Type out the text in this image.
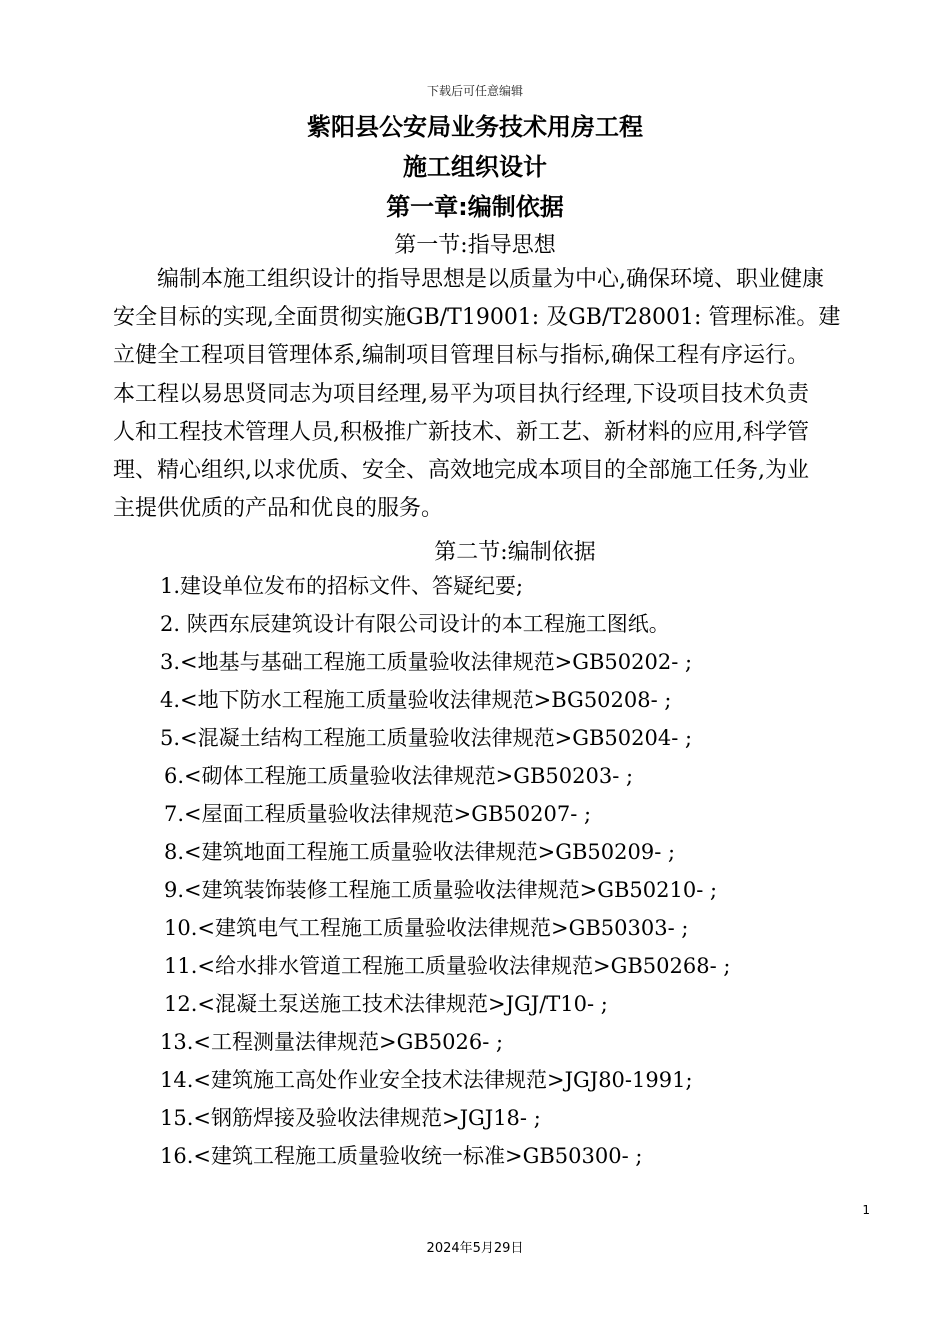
下载后可任意编辑
紫阳县公安局业务技术用房工程
施工组织设计
第一章:编制依据
第一节:指导思想
　　编制本施工组织设计的指导思想是以质量为中心,确保环境、职业健康
安全目标的实现,全面贯彻实施GB/T19001: 及GB/T28001: 管理标准。建
立健全工程项目管理体系,编制项目管理目标与指标,确保工程有序运行。
本工程以易思贤同志为项目经理,易平为项目执行经理,下设项目技术负责
人和工程技术管理人员,积极推广新技术、新工艺、新材料的应用,科学管
理、精心组织,以求优质、安全、高效地完成本项目的全部施工任务,为业
主提供优质的产品和优良的服务。
第二节:编制依据
1.建设单位发布的招标文件、答疑纪要;
2. 陕西东辰建筑设计有限公司设计的本工程施工图纸。
3.<地基与基础工程施工质量验收法律规范>GB50202- ;
4.<地下防水工程施工质量验收法律规范>BG50208- ;
5.<混凝土结构工程施工质量验收法律规范>GB50204- ;
6.<砌体工程施工质量验收法律规范>GB50203- ;
7.<屋面工程质量验收法律规范>GB50207- ;
8.<建筑地面工程施工质量验收法律规范>GB50209- ;
9.<建筑装饰装修工程施工质量验收法律规范>GB50210- ;
10.<建筑电气工程施工质量验收法律规范>GB50303- ;
11.<给水排水管道工程施工质量验收法律规范>GB50268- ;
12.<混凝土泵送施工技术法律规范>JGJ/T10- ;
13.<工程测量法律规范>GB5026- ;
14.<建筑施工高处作业安全技术法律规范>JGJ80-1991;
15.<钢筋焊接及验收法律规范>JGJ18- ;
16.<建筑工程施工质量验收统一标准>GB50300- ;
1
2024年5月29日
